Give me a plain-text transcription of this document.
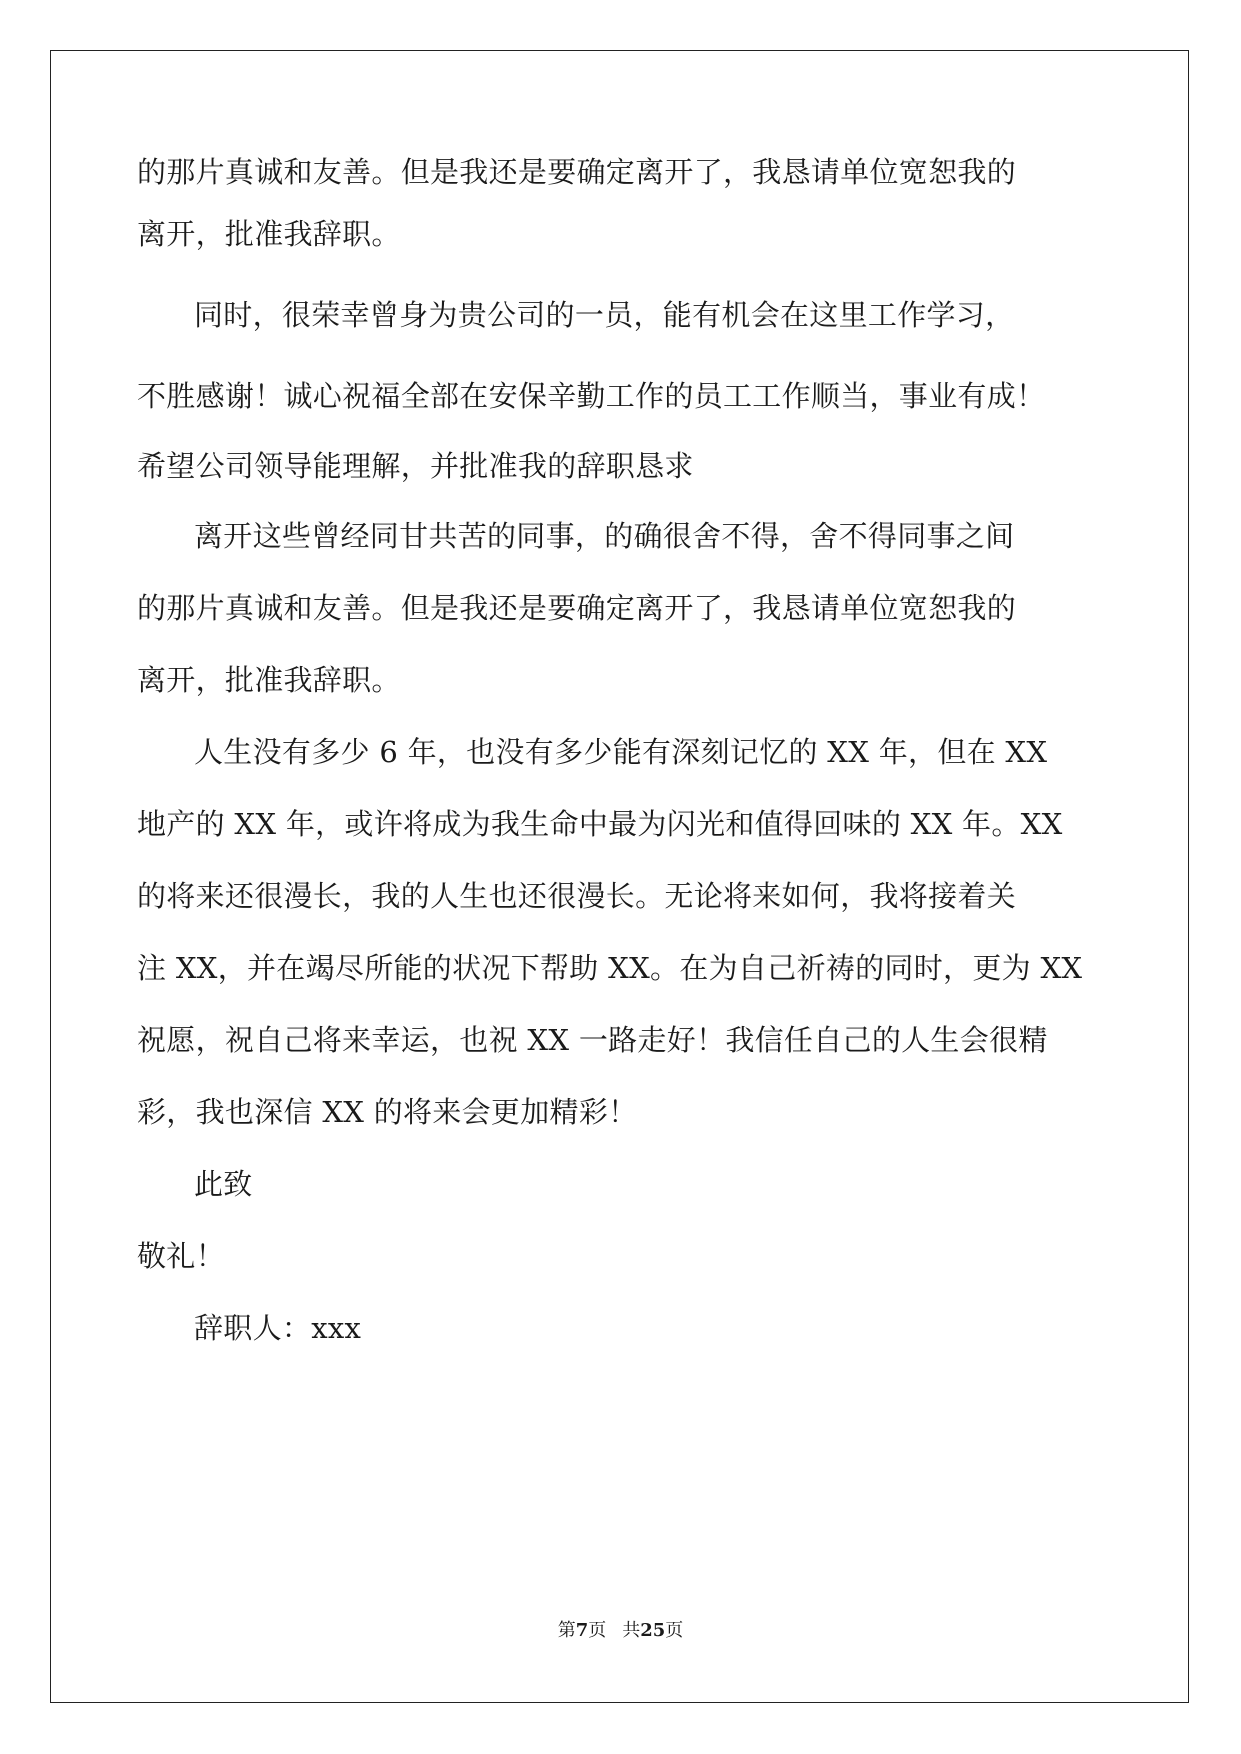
的那片真诚和友善。但是我还是要确定离开了，我恳请单位宽恕我的
离开，批准我辞职。
同时，很荣幸曾身为贵公司的一员，能有机会在这里工作学习，
不胜感谢！诚心祝福全部在安保辛勤工作的员工工作顺当，事业有成！
希望公司领导能理解，并批准我的辞职恳求
离开这些曾经同甘共苦的同事，的确很舍不得，舍不得同事之间
的那片真诚和友善。但是我还是要确定离开了，我恳请单位宽恕我的
离开，批准我辞职。
人生没有多少 6 年，也没有多少能有深刻记忆的 XX 年，但在 XX
地产的 XX 年，或许将成为我生命中最为闪光和值得回味的 XX 年。XX
的将来还很漫长，我的人生也还很漫长。无论将来如何，我将接着关
注 XX，并在竭尽所能的状况下帮助 XX。在为自己祈祷的同时，更为 XX
祝愿，祝自己将来幸运，也祝 XX 一路走好！我信任自己的人生会很精
彩，我也深信 XX 的将来会更加精彩！
此致
敬礼！
辞职人：xxx
第7页 共25页
